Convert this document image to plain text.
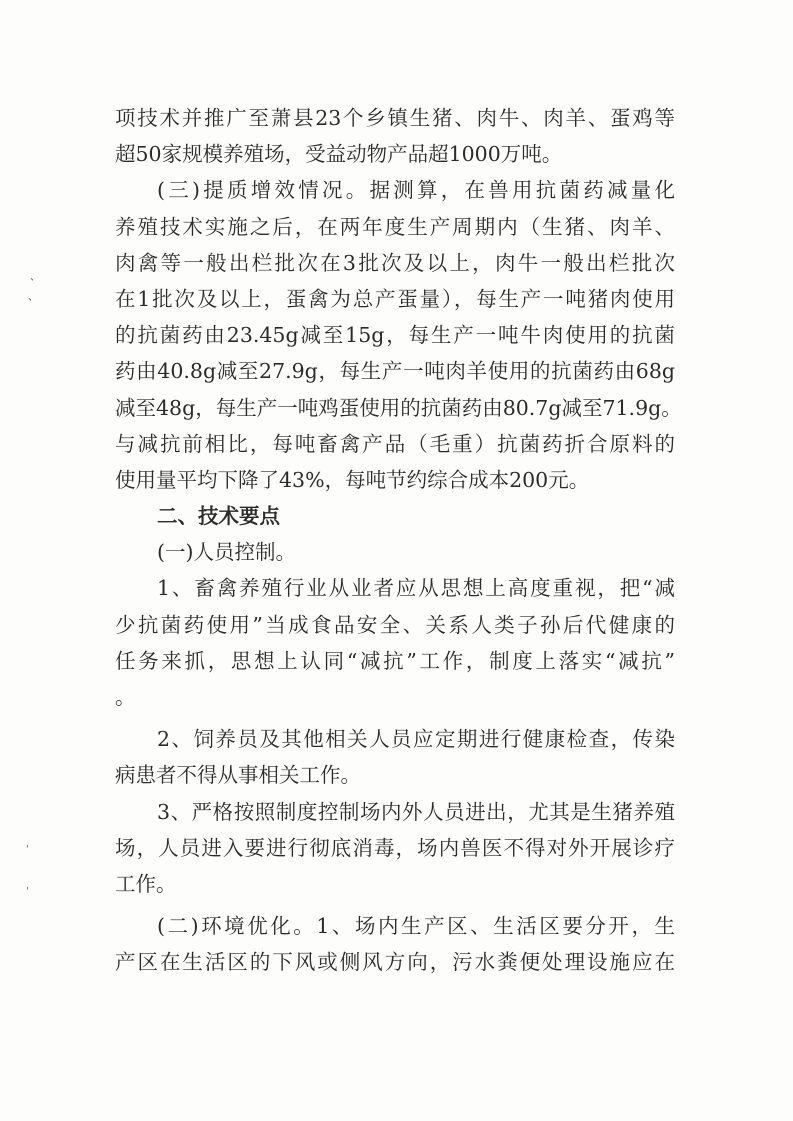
、
、
ˌ
ˌ
项技术并推广至萧县23个乡镇生猪、肉牛、肉羊、蛋鸡等
超50家规模养殖场，受益动物产品超1000万吨。
(三)提质增效情况。据测算，在兽用抗菌药减量化
养殖技术实施之后，在两年度生产周期内（生猪、肉羊、
肉禽等一般出栏批次在3批次及以上，肉牛一般出栏批次
在1批次及以上，蛋禽为总产蛋量），每生产一吨猪肉使用
的抗菌药由23.45g减至15g，每生产一吨牛肉使用的抗菌
药由40.8g减至27.9g，每生产一吨肉羊使用的抗菌药由68g
减至48g，每生产一吨鸡蛋使用的抗菌药由80.7g减至71.9g。
与减抗前相比，每吨畜禽产品（毛重）抗菌药折合原料的
使用量平均下降了43%，每吨节约综合成本200元。
二、技术要点
(一)人员控制。
1、畜禽养殖行业从业者应从思想上高度重视，把“减
少抗菌药使用”当成食品安全、关系人类子孙后代健康的
任务来抓，思想上认同“减抗”工作，制度上落实“减抗”
。
2、饲养员及其他相关人员应定期进行健康检查，传染
病患者不得从事相关工作。
3、严格按照制度控制场内外人员进出，尤其是生猪养殖
场，人员进入要进行彻底消毒，场内兽医不得对外开展诊疗
工作。
(二)环境优化。1、场内生产区、生活区要分开，生
产区在生活区的下风或侧风方向，污水粪便处理设施应在
